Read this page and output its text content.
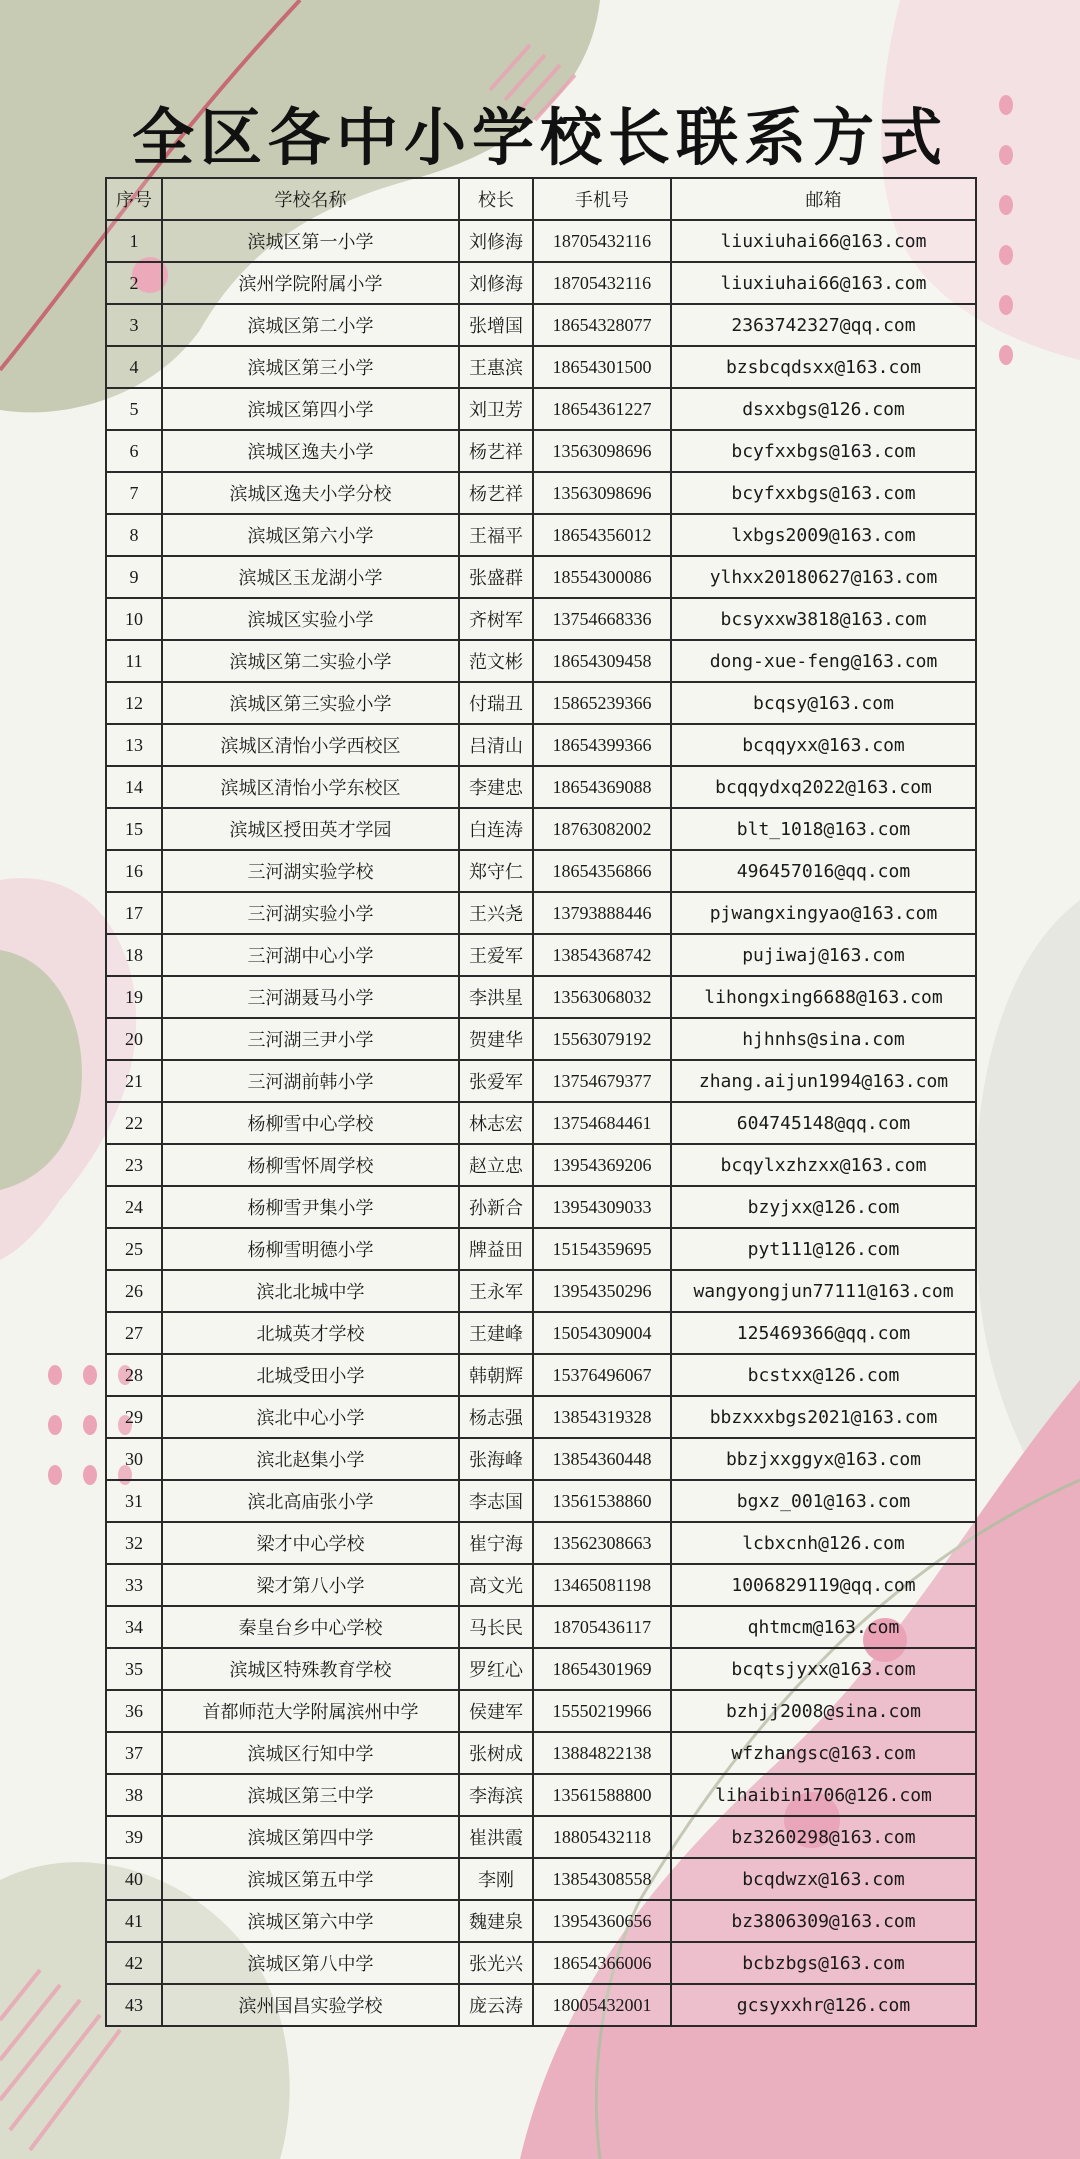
全区各中小学校长联系方式
序号	学校名称	校长	手机号	邮箱
1	滨城区第一小学	刘修海	18705432116	liuxiuhai66@163.com
2	滨州学院附属小学	刘修海	18705432116	liuxiuhai66@163.com
3	滨城区第二小学	张增国	18654328077	2363742327@qq.com
4	滨城区第三小学	王惠滨	18654301500	bzsbcqdsxx@163.com
5	滨城区第四小学	刘卫芳	18654361227	dsxxbgs@126.com
6	滨城区逸夫小学	杨艺祥	13563098696	bcyfxxbgs@163.com
7	滨城区逸夫小学分校	杨艺祥	13563098696	bcyfxxbgs@163.com
8	滨城区第六小学	王福平	18654356012	lxbgs2009@163.com
9	滨城区玉龙湖小学	张盛群	18554300086	ylhxx20180627@163.com
10	滨城区实验小学	齐树军	13754668336	bcsyxxw3818@163.com
11	滨城区第二实验小学	范文彬	18654309458	dong-xue-feng@163.com
12	滨城区第三实验小学	付瑞丑	15865239366	bcqsy@163.com
13	滨城区清怡小学西校区	吕清山	18654399366	bcqqyxx@163.com
14	滨城区清怡小学东校区	李建忠	18654369088	bcqqydxq2022@163.com
15	滨城区授田英才学园	白连涛	18763082002	blt_1018@163.com
16	三河湖实验学校	郑守仁	18654356866	496457016@qq.com
17	三河湖实验小学	王兴尧	13793888446	pjwangxingyao@163.com
18	三河湖中心小学	王爱军	13854368742	pujiwaj@163.com
19	三河湖聂马小学	李洪星	13563068032	lihongxing6688@163.com
20	三河湖三尹小学	贺建华	15563079192	hjhnhs@sina.com
21	三河湖前韩小学	张爱军	13754679377	zhang.aijun1994@163.com
22	杨柳雪中心学校	林志宏	13754684461	604745148@qq.com
23	杨柳雪怀周学校	赵立忠	13954369206	bcqylxzhzxx@163.com
24	杨柳雪尹集小学	孙新合	13954309033	bzyjxx@126.com
25	杨柳雪明德小学	牌益田	15154359695	pyt111@126.com
26	滨北北城中学	王永军	13954350296	wangyongjun77111@163.com
27	北城英才学校	王建峰	15054309004	125469366@qq.com
28	北城受田小学	韩朝辉	15376496067	bcstxx@126.com
29	滨北中心小学	杨志强	13854319328	bbzxxxbgs2021@163.com
30	滨北赵集小学	张海峰	13854360448	bbzjxxggyx@163.com
31	滨北高庙张小学	李志国	13561538860	bgxz_001@163.com
32	梁才中心学校	崔宁海	13562308663	lcbxcnh@126.com
33	梁才第八小学	高文光	13465081198	1006829119@qq.com
34	秦皇台乡中心学校	马长民	18705436117	qhtmcm@163.com
35	滨城区特殊教育学校	罗红心	18654301969	bcqtsjyxx@163.com
36	首都师范大学附属滨州中学	侯建军	15550219966	bzhjj2008@sina.com
37	滨城区行知中学	张树成	13884822138	wfzhangsc@163.com
38	滨城区第三中学	李海滨	13561588800	lihaibin1706@126.com
39	滨城区第四中学	崔洪霞	18805432118	bz3260298@163.com
40	滨城区第五中学	李刚	13854308558	bcqdwzx@163.com
41	滨城区第六中学	魏建泉	13954360656	bz3806309@163.com
42	滨城区第八中学	张光兴	18654366006	bcbzbgs@163.com
43	滨州国昌实验学校	庞云涛	18005432001	gcsyxxhr@126.com
